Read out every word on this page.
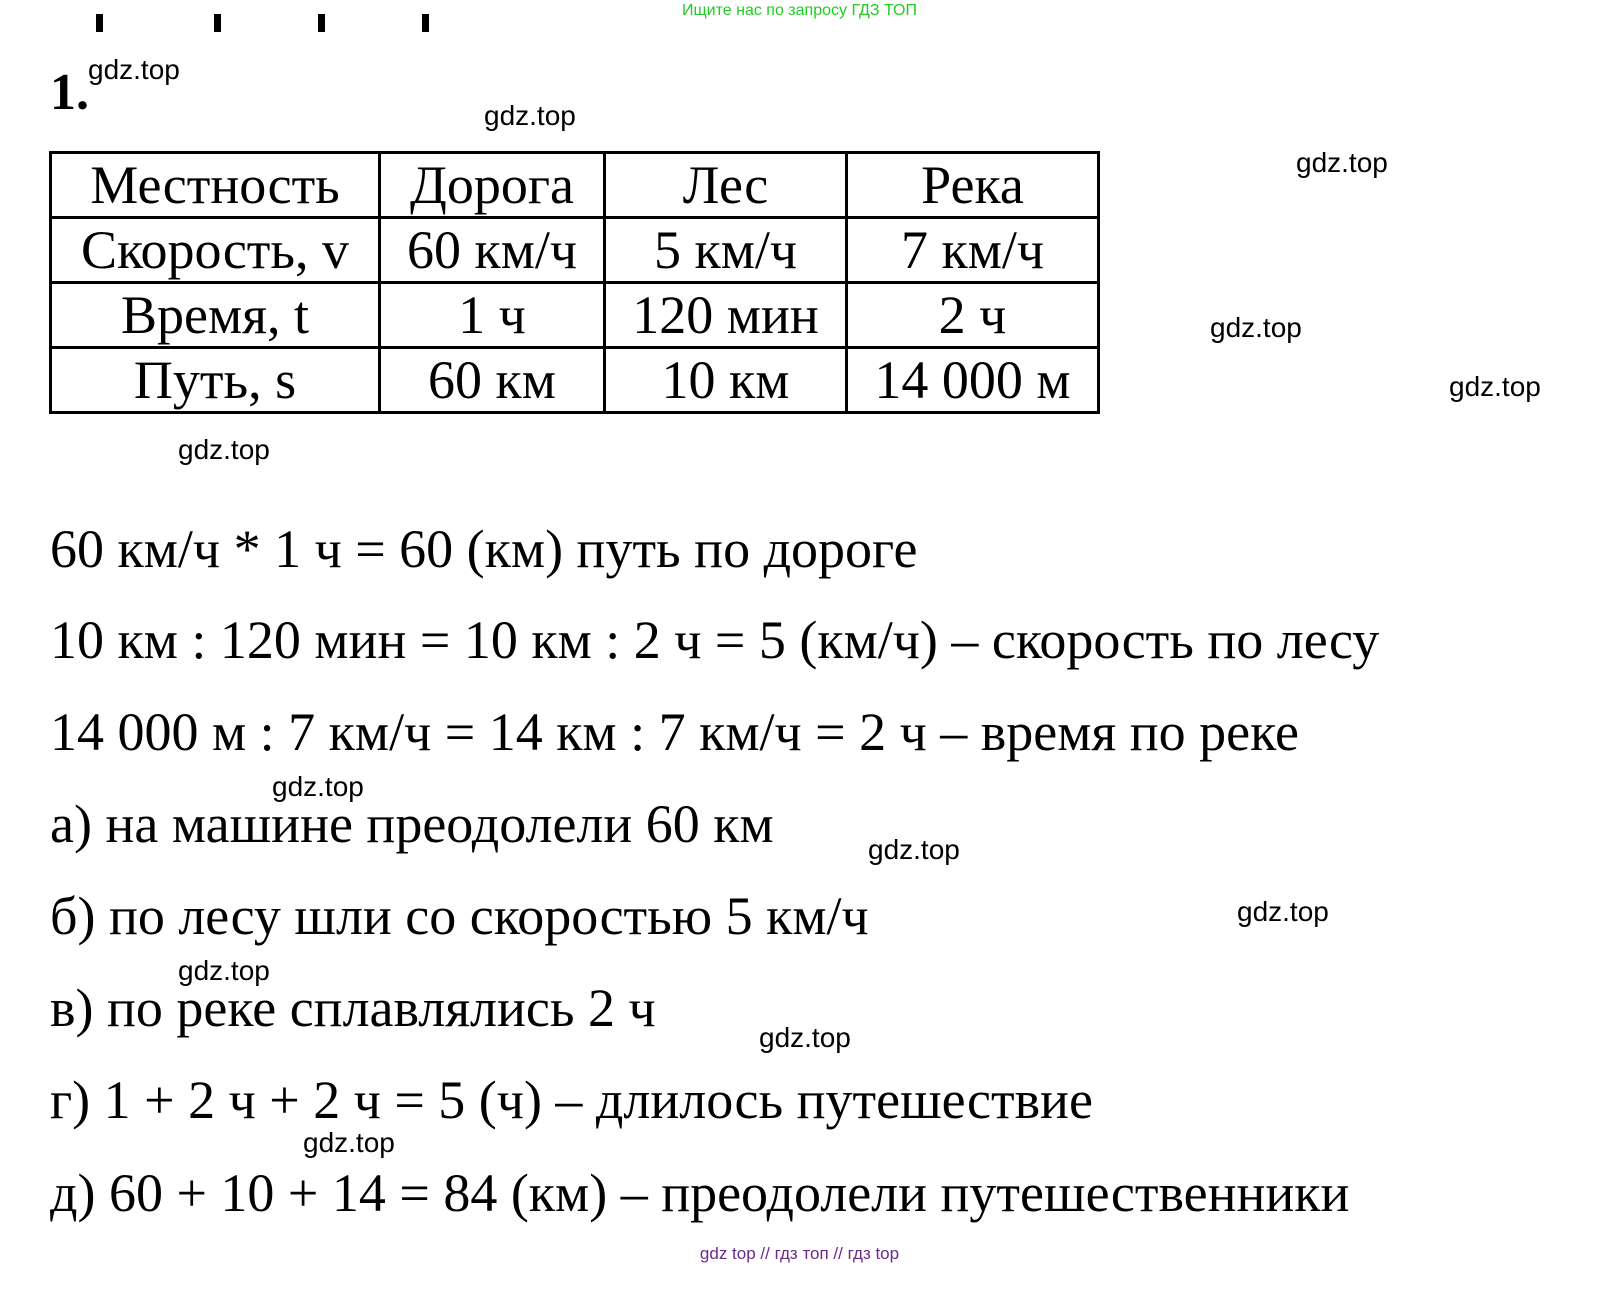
Ищите нас по запросу ГДЗ ТОП
1. gdz.top
gdz.top
gdz.top
gdz.top
gdz.top
gdz.top
gdz.top
gdz.top
gdz.top
gdz.top
gdz.top
gdz.top
Местность	Дорога	Лес	Река
Скорость, v	60 км/ч	5 км/ч	7 км/ч
Время, t	1 ч	120 мин	2 ч
Путь, s	60 км	10 км	14 000 м
60 км/ч * 1 ч = 60 (км) путь по дороге
10 км : 120 мин = 10 км : 2 ч = 5 (км/ч) – скорость по лесу
14 000 м : 7 км/ч = 14 км : 7 км/ч = 2 ч – время по реке
а) на машине преодолели 60 км
б) по лесу шли со скоростью 5 км/ч
в) по реке сплавлялись 2 ч
г) 1 + 2 ч + 2 ч = 5 (ч) – длилось путешествие
д) 60 + 10 + 14 = 84 (км) – преодолели путешественники
gdz top // гдз топ // гдз top
